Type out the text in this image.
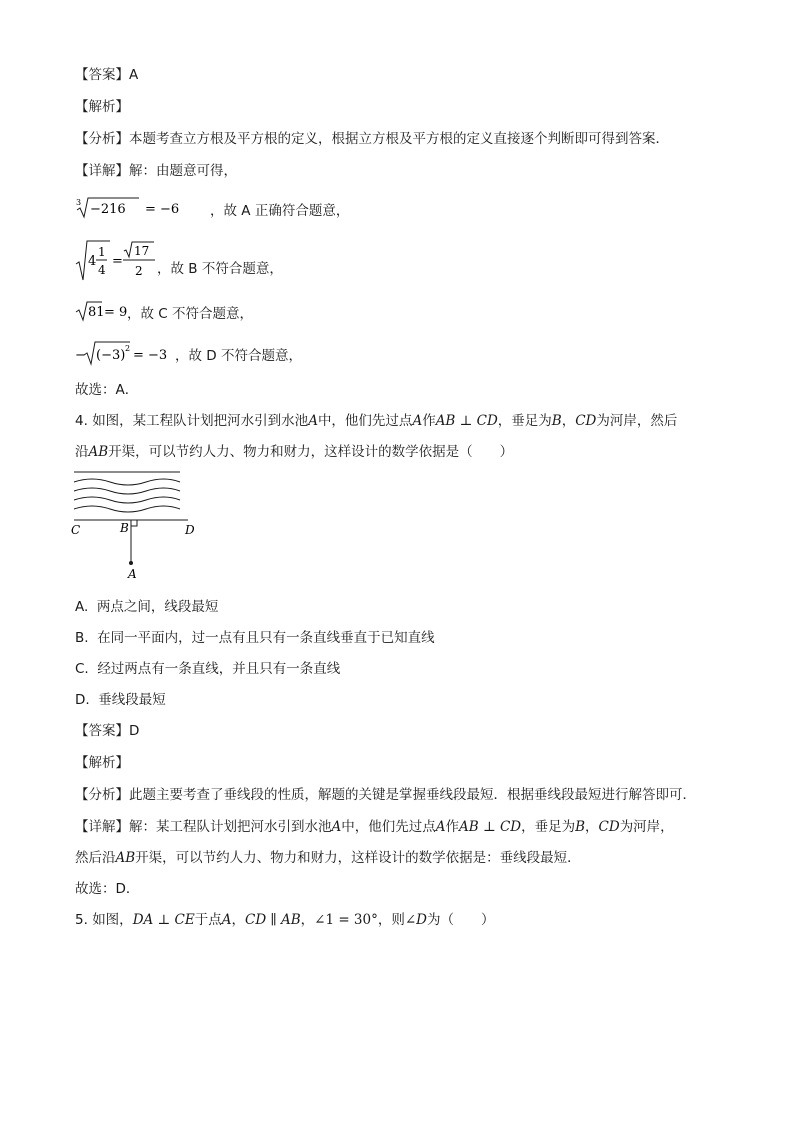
【答案】A
【解析】
【分析】本题考查立方根及平方根的定义，根据立方根及平方根的定义直接逐个判断即可得到答案．
【详解】解：由题意可得，
3 −216 = −6 ，故 A 正确符合题意，
4
1
4
=
17
2 ，故 B 不符合题意，
81 = 9 ，故 C 不符合题意，
− (−3) 2 = −3 ，故 D 不符合题意，
故选：A．
4. 如图，某工程队计划把河水引到水池A中，他们先过点A作AB ⊥ CD，垂足为B，CD为河岸，然后
沿AB开渠，可以节约人力、物力和财力，这样设计的数学依据是（　　）
C	B	D
A
A. 两点之间，线段最短
B. 在同一平面内，过一点有且只有一条直线垂直于已知直线
C. 经过两点有一条直线，并且只有一条直线
D. 垂线段最短
【答案】D
【解析】
【分析】此题主要考查了垂线段的性质，解题的关键是掌握垂线段最短．根据垂线段最短进行解答即可．
【详解】解：某工程队计划把河水引到水池A中，他们先过点A作AB ⊥ CD，垂足为B，CD为河岸，
然后沿AB开渠，可以节约人力、物力和财力，这样设计的数学依据是：垂线段最短．
故选：D．
5. 如图，DA ⊥ CE于点A，CD ∥ AB，∠1 = 30°，则∠D为（　　）
